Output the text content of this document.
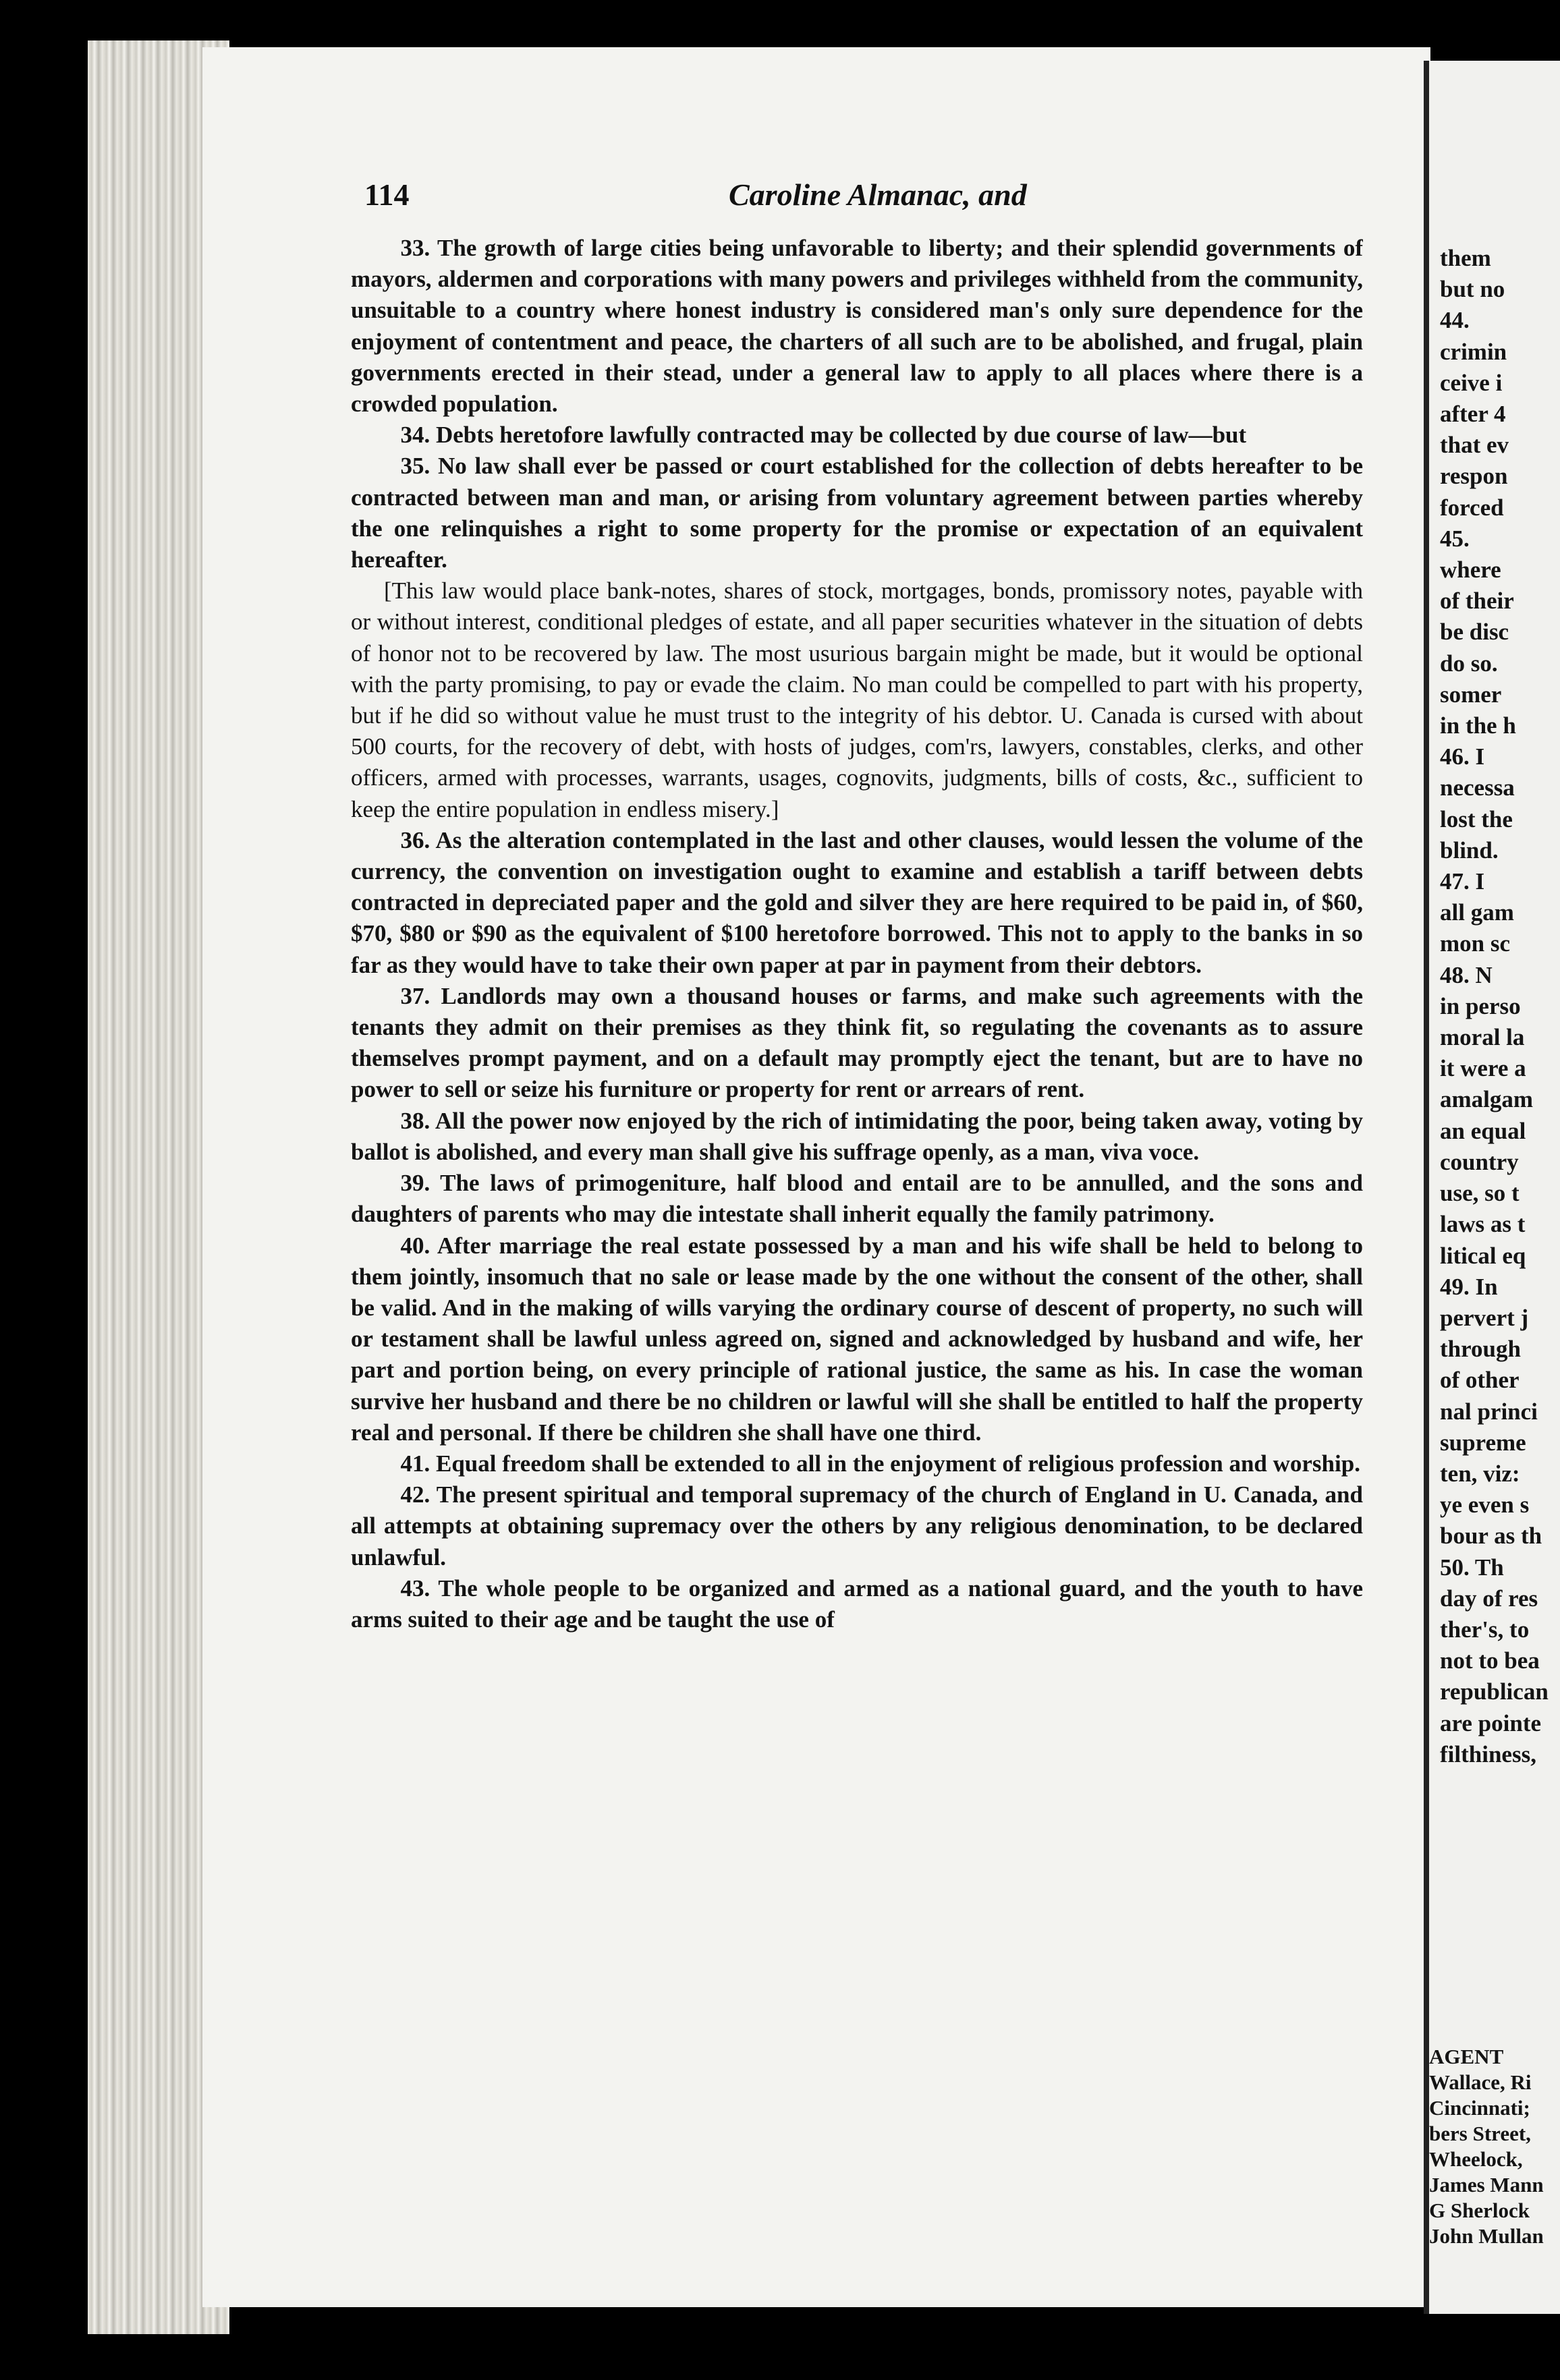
114	Caroline Almanac, and

33. The growth of large cities being unfavorable to liberty; and their splendid governments of mayors, aldermen and corporations with many powers and privileges withheld from the community, unsuitable to a country where honest industry is considered man's only sure dependence for the enjoyment of contentment and peace, the charters of all such are to be abolished, and frugal, plain governments erected in their stead, under a general law to apply to all places where there is a crowded population.

34. Debts heretofore lawfully contracted may be collected by due course of law—but

35. No law shall ever be passed or court established for the collection of debts hereafter to be contracted between man and man, or arising from voluntary agreement between parties whereby the one relinquishes a right to some property for the promise or expectation of an equivalent hereafter.

[This law would place bank-notes, shares of stock, mortgages, bonds, promissory notes, payable with or without interest, conditional pledges of estate, and all paper securities whatever in the situation of debts of honor not to be recovered by law. The most usurious bargain might be made, but it would be optional with the party promising, to pay or evade the claim. No man could be compelled to part with his property, but if he did so without value he must trust to the integrity of his debtor. U. Canada is cursed with about 500 courts, for the recovery of debt, with hosts of judges, com'rs, lawyers, constables, clerks, and other officers, armed with processes, warrants, usages, cognovits, judgments, bills of costs, &c., sufficient to keep the entire population in endless misery.]

36. As the alteration contemplated in the last and other clauses, would lessen the volume of the currency, the convention on investigation ought to examine and establish a tariff between debts contracted in depreciated paper and the gold and silver they are here required to be paid in, of $60, $70, $80 or $90 as the equivalent of $100 heretofore borrowed. This not to apply to the banks in so far as they would have to take their own paper at par in payment from their debtors.

37. Landlords may own a thousand houses or farms, and make such agreements with the tenants they admit on their premises as they think fit, so regulating the covenants as to assure themselves prompt payment, and on a default may promptly eject the tenant, but are to have no power to sell or seize his furniture or property for rent or arrears of rent.

38. All the power now enjoyed by the rich of intimidating the poor, being taken away, voting by ballot is abolished, and every man shall give his suffrage openly, as a man, viva voce.

39. The laws of primogeniture, half blood and entail are to be annulled, and the sons and daughters of parents who may die intestate shall inherit equally the family patrimony.

40. After marriage the real estate possessed by a man and his wife shall be held to belong to them jointly, insomuch that no sale or lease made by the one without the consent of the other, shall be valid. And in the making of wills varying the ordinary course of descent of property, no such will or testament shall be lawful unless agreed on, signed and acknowledged by husband and wife, her part and portion being, on every principle of rational justice, the same as his. In case the woman survive her husband and there be no children or lawful will she shall be entitled to half the property real and personal. If there be children she shall have one third.

41. Equal freedom shall be extended to all in the enjoyment of religious profession and worship.

42. The present spiritual and temporal supremacy of the church of England in U. Canada, and all attempts at obtaining supremacy over the others by any religious denomination, to be declared unlawful.

43. The whole people to be organized and armed as a national guard, and the youth to have arms suited to their age and be taught the use of

them
but no
44.
crimin
ceive i
after 4
that ev
respon
forced
45.
where
of their
be disc
do so.
somer
in the h
46. I
necessa
lost the
blind.
47. I
all gam
mon sc
48. N
in perso
moral la
it were a
amalgam
an equal
country
use, so t
laws as t
litical eq
49. In
pervert j
through
of other
nal princi
supreme
ten, viz:
ye even s
bour as th
50. Th
day of res
ther's, to
not to bea
republican
are pointe
filthiness,
AGENT
Wallace, Ri
Cincinnati;
bers Street,
Wheelock,
James Mann
G Sherlock
John Mullan
